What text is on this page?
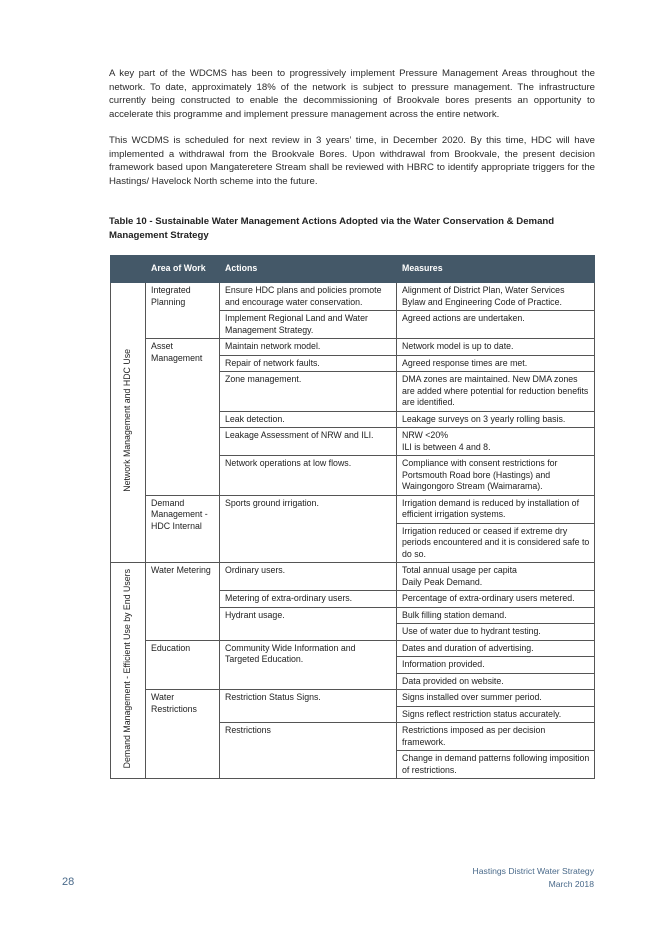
A key part of the WDCMS has been to progressively implement Pressure Management Areas throughout the network. To date, approximately 18% of the network is subject to pressure management. The infrastructure currently being constructed to enable the decommissioning of Brookvale bores presents an opportunity to accelerate this programme and implement pressure management across the entire network.

This WCDMS is scheduled for next review in 3 years’ time, in December 2020. By this time, HDC will have implemented a withdrawal from the Brookvale Bores. Upon withdrawal from Brookvale, the present decision framework based upon Mangateretere Stream shall be reviewed with HBRC to identify appropriate triggers for the Hastings/ Havelock North scheme into the future.

Table 10 - Sustainable Water Management Actions Adopted via the Water Conservation & Demand Management Strategy

	Area of Work	Actions	Measures
Network Management and HDC Use	Integrated Planning	Ensure HDC plans and policies promote and encourage water conservation.	Alignment of District Plan, Water Services Bylaw and Engineering Code of Practice.
		Implement Regional Land and Water Management Strategy.	Agreed actions are undertaken.
	Asset Management	Maintain network model.	Network model is up to date.
		Repair of network faults.	Agreed response times are met.
		Zone management.	DMA zones are maintained. New DMA zones are added where potential for reduction benefits are identified.
		Leak detection.	Leakage surveys on 3 yearly rolling basis.
		Leakage Assessment of NRW and ILI.	NRW <20%
ILI is between 4 and 8.
		Network operations at low flows.	Compliance with consent restrictions for Portsmouth Road bore (Hastings) and Waingongoro Stream (Waimarama).
	Demand Management - HDC Internal	Sports ground irrigation.	Irrigation demand is reduced by installation of efficient irrigation systems.
			Irrigation reduced or ceased if extreme dry periods encountered and it is considered safe to do so.
Demand Management - Efficient Use by End Users	Water Metering	Ordinary users.	Total annual usage per capita
Daily Peak Demand.
		Metering of extra-ordinary users.	Percentage of extra-ordinary users metered.
		Hydrant usage.	Bulk filling station demand.
			Use of water due to hydrant testing.
	Education	Community Wide Information and Targeted Education.	Dates and duration of advertising.
			Information provided.
			Data provided on website.
	Water Restrictions	Restriction Status Signs.	Signs installed over summer period.
			Signs reflect restriction status accurately.
		Restrictions	Restrictions imposed as per decision framework.
			Change in demand patterns following imposition of restrictions.

Hastings District Water Strategy

March 2018

28
